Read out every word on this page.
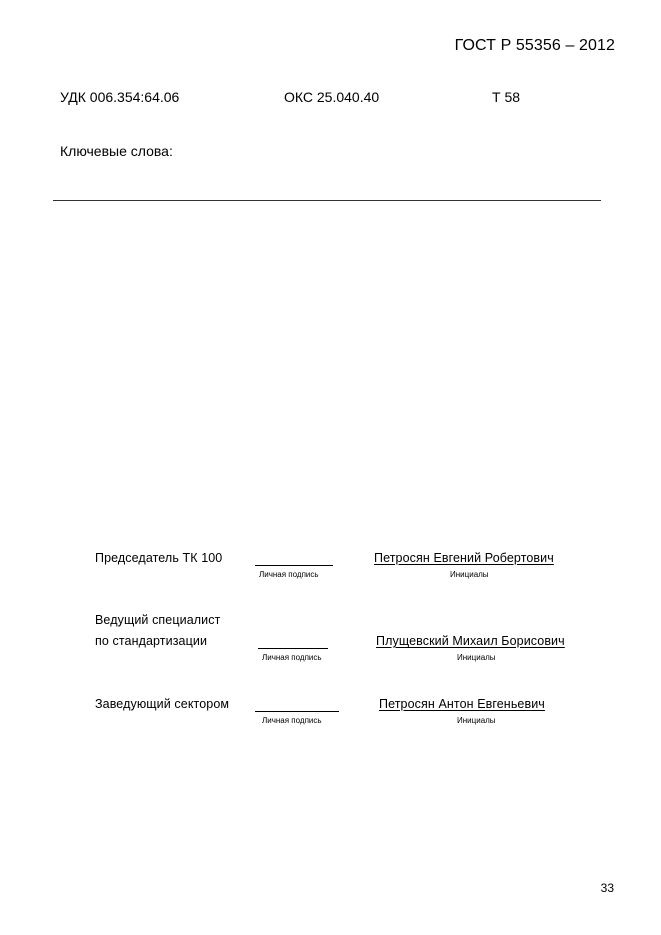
ГОСТ Р 55356 – 2012
УДК 006.354:64.06	ОКС 25.040.40	Т 58
Ключевые слова:
Председатель ТК 100
Личная подпись
Петросян Евгений Робертович
Инициалы
Ведущий специалист
по стандартизации
Личная подпись
Плущевский Михаил Борисович
Инициалы
Заведующий сектором
Личная подпись
Петросян Антон Евгеньевич
Инициалы
33
